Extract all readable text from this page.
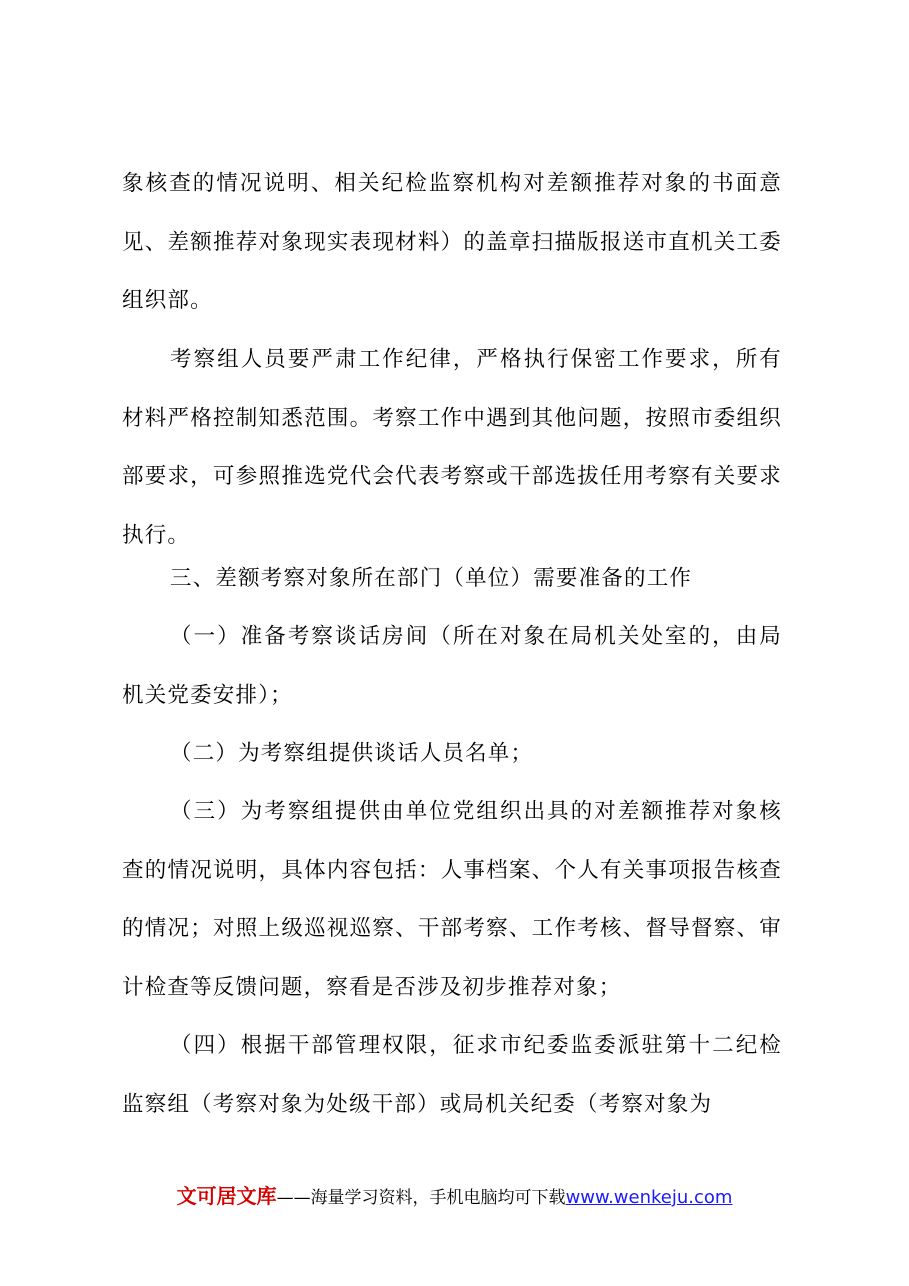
象核查的情况说明、相关纪检监察机构对差额推荐对象的书面意见、差额推荐对象现实表现材料）的盖章扫描版报送市直机关工委组织部。

考察组人员要严肃工作纪律，严格执行保密工作要求，所有材料严格控制知悉范围。考察工作中遇到其他问题，按照市委组织部要求，可参照推选党代会代表考察或干部选拔任用考察有关要求执行。

三、差额考察对象所在部门（单位）需要准备的工作

（一）准备考察谈话房间（所在对象在局机关处室的，由局机关党委安排）；

（二）为考察组提供谈话人员名单；

（三）为考察组提供由单位党组织出具的对差额推荐对象核查的情况说明，具体内容包括：人事档案、个人有关事项报告核查的情况；对照上级巡视巡察、干部考察、工作考核、督导督察、审计检查等反馈问题，察看是否涉及初步推荐对象；

（四）根据干部管理权限，征求市纪委监委派驻第十二纪检监察组（考察对象为处级干部）或局机关纪委（考察对象为

文可居文库——海量学习资料，手机电脑均可下载www.wenkeju.com
